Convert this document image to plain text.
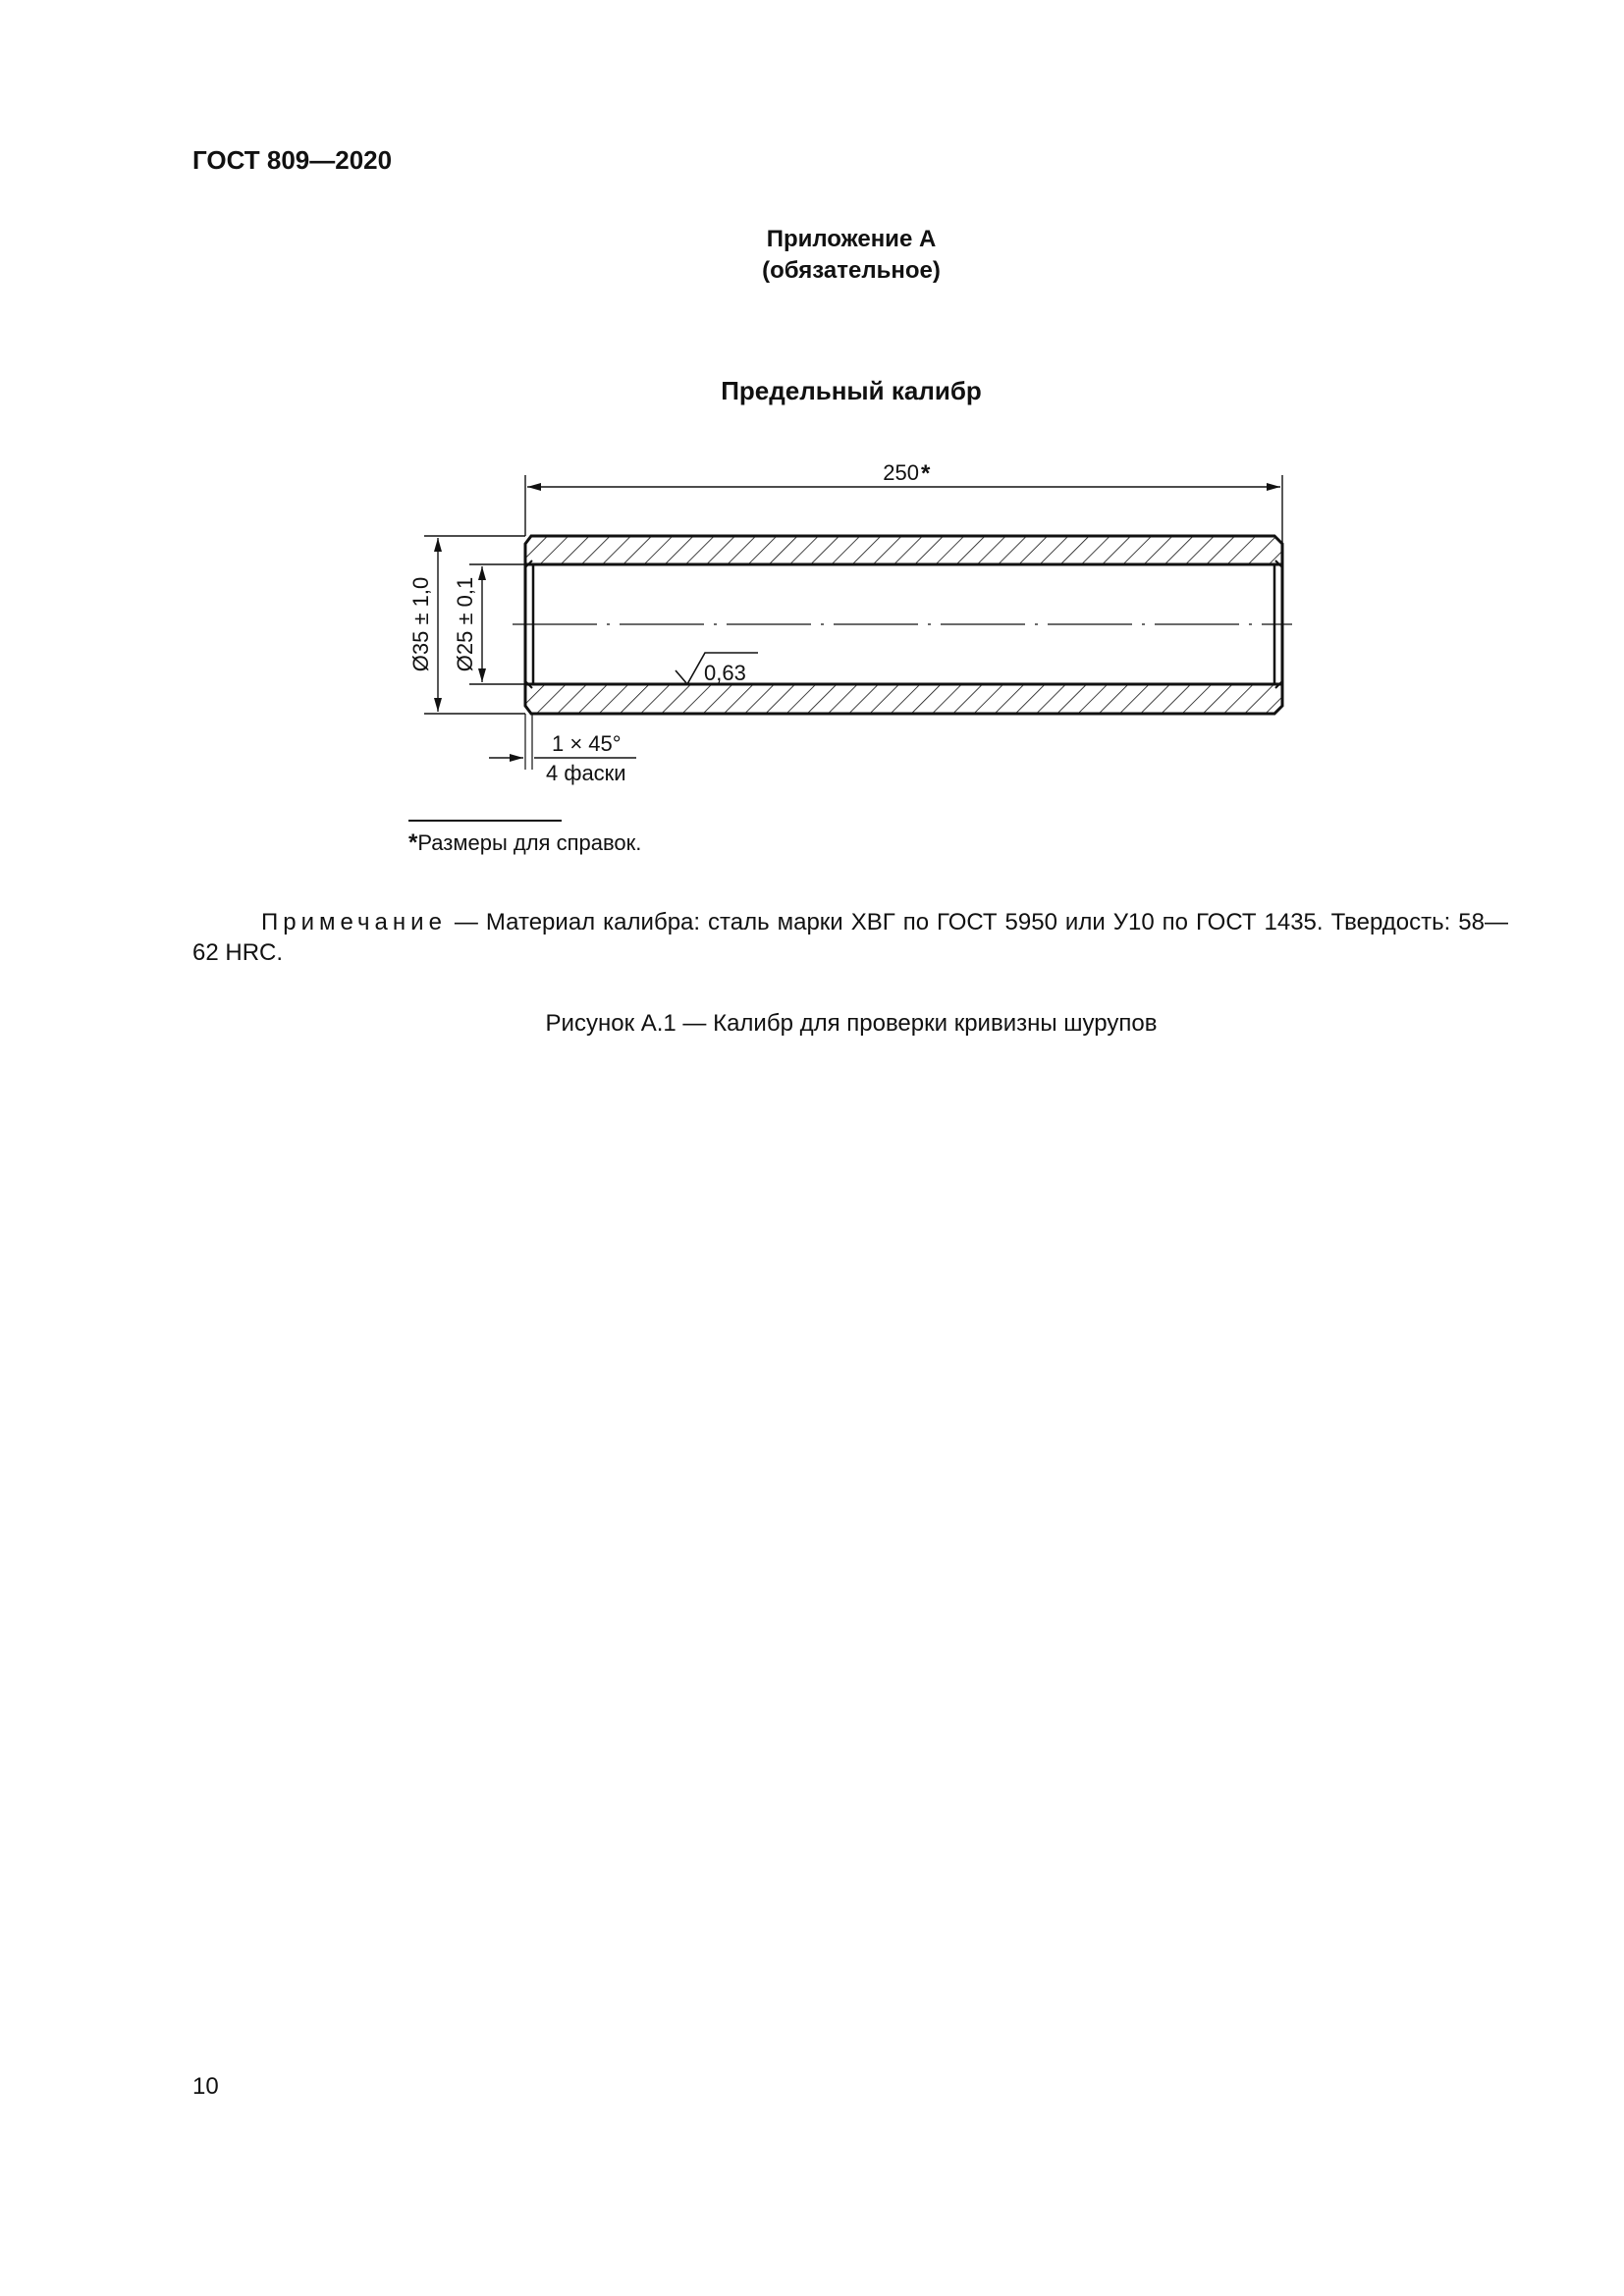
ГОСТ 809—2020
Приложение А
(обязательное)
Предельный калибр
250 *
Ø35 ± 1,0 Ø25 ± 0,1
0,63
1 × 45°
4 фаски
*Размеры для справок.
Примечание — Материал калибра: сталь марки ХВГ по ГОСТ 5950 или У10 по ГОСТ 1435. Твердость: 58—62 HRC.
Рисунок А.1 — Калибр для проверки кривизны шурупов
10
